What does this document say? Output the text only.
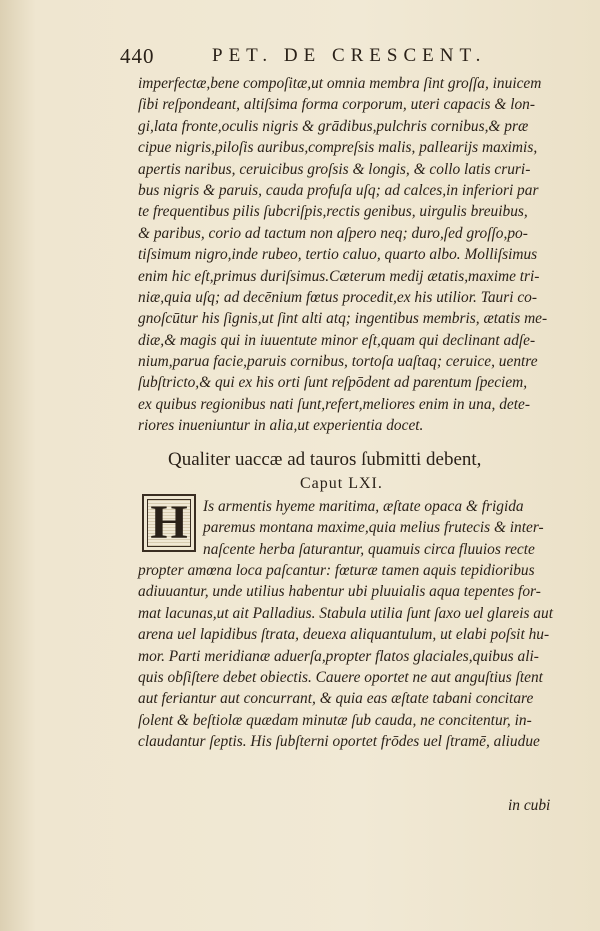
440	PET. DE CRESCENT.
imperfectæ,bene compoſitæ,ut omnia membra ſint groſſa, inuicem
ſibi reſpondeant, altiſsima forma corporum, uteri capacis & lon-
gi,lata fronte,oculis nigris & grādibus,pulchris cornibus,& præ
cipue nigris,piloſis auribus,compreſsis malis, pallearijs maximis,
apertis naribus, ceruicibus groſsis & longis, & collo latis cruri-
bus nigris & paruis, cauda profuſa uſq; ad calces,in inferiori par
te frequentibus pilis ſubcriſpis,rectis genibus, uirgulis breuibus,
& paribus, corio ad tactum non aſpero neq; duro,ſed groſſo,po-
tiſsimum nigro,inde rubeo, tertio caluo, quarto albo. Molliſsimus
enim hic eſt,primus duriſsimus.Cæterum medij ætatis,maxime tri-
niæ,quia uſq; ad decēnium fœtus procedit,ex his utilior. Tauri co-
gnoſcūtur his ſignis,ut ſint alti atq; ingentibus membris, ætatis me-
diæ,& magis qui in iuuentute minor eſt,quam qui declinant adſe-
nium,parua facie,paruis cornibus, tortoſa uaſtaq; ceruice, uentre
ſubſtricto,& qui ex his orti ſunt reſpōdent ad parentum ſpeciem,
ex quibus regionibus nati ſunt,refert,meliores enim in una, dete-
riores inueniuntur in alia,ut experientia docet.
Qualiter uaccæ ad tauros ſubmitti debent,
Caput LXI.
H Is armentis hyeme maritima, æſtate opaca & frigida
paremus montana maxime,quia melius frutecis & inter-
naſcente herba ſaturantur, quamuis circa fluuios recte
propter amœna loca paſcantur: fœturæ tamen aquis tepidioribus
adiuuantur, unde utilius habentur ubi pluuialis aqua tepentes for-
mat lacunas,ut ait Palladius. Stabula utilia ſunt ſaxo uel glareis aut
arena uel lapidibus ſtrata, deuexa aliquantulum, ut elabi poſsit hu-
mor. Parti meridianæ aduerſa,propter flatos glaciales,quibus ali-
quis obſiſtere debet obiectis. Cauere oportet ne aut anguſtius ſtent
aut feriantur aut concurrant, & quia eas æſtate tabani concitare
ſolent & beſtiolæ quædam minutæ ſub cauda, ne concitentur, in-
claudantur ſeptis. His ſubſterni oportet frōdes uel ſtramē, aliudue
in cubi
